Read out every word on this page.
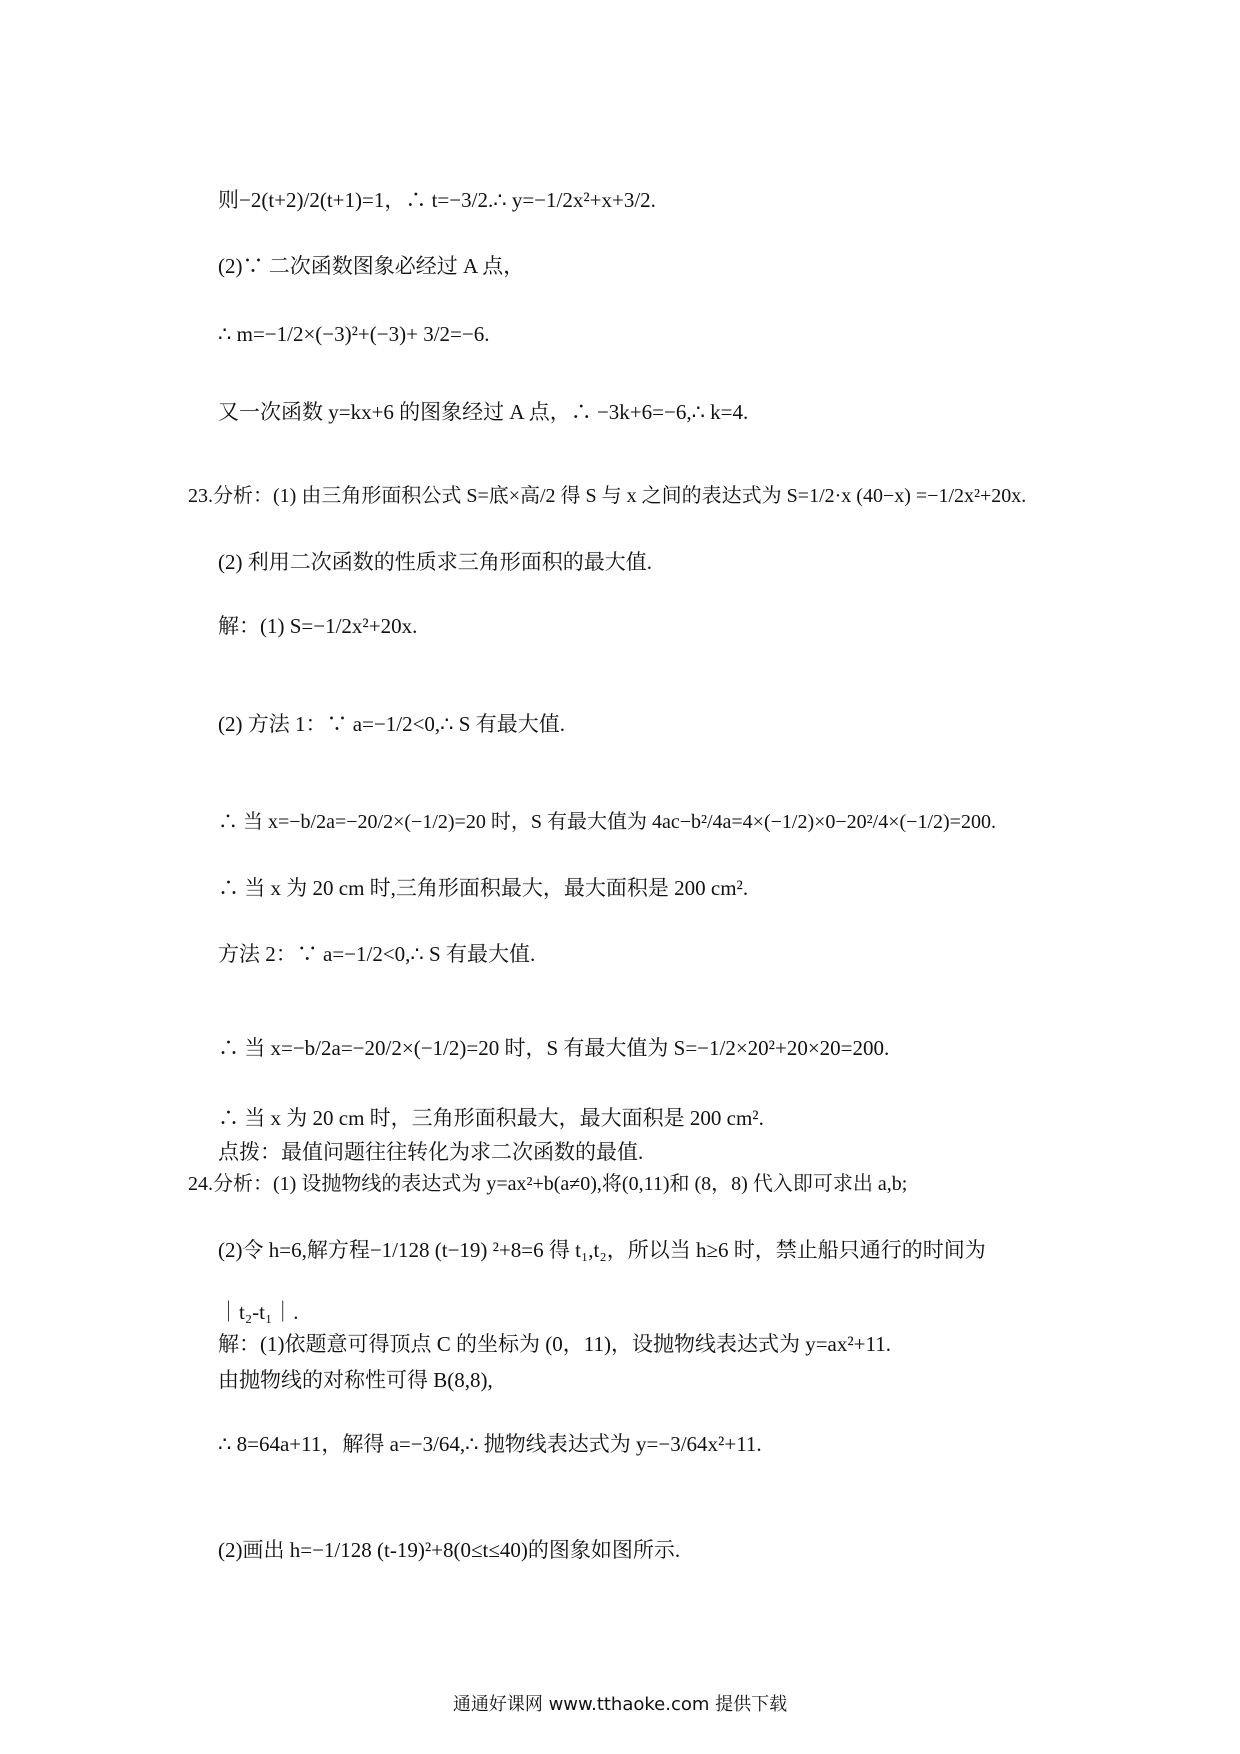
则−2(t+2)/2(t+1)=1，∴ t=−3/2.∴ y=−1/2x²+x+3/2.
(2)∵ 二次函数图象必经过 A 点，
∴ m=−1/2×(−3)²+(−3)+ 3/2=−6.
又一次函数 y=kx+6 的图象经过 A 点，∴ −3k+6=−6,∴ k=4.
23.分析：(1) 由三角形面积公式 S=底×高/2 得 S 与 x 之间的表达式为 S=1/2·x (40−x) =−1/2x²+20x.
(2) 利用二次函数的性质求三角形面积的最大值.
解：(1) S=−1/2x²+20x.
(2) 方法 1：∵ a=−1/2<0,∴ S 有最大值.
∴ 当 x=−b/2a=−20/2×(−1/2)=20 时，S 有最大值为 4ac−b²/4a=4×(−1/2)×0−20²/4×(−1/2)=200.
∴ 当 x 为 20 cm 时,三角形面积最大，最大面积是 200 cm².
方法 2：∵ a=−1/2<0,∴ S 有最大值.
∴ 当 x=−b/2a=−20/2×(−1/2)=20 时，S 有最大值为 S=−1/2×20²+20×20=200.
∴ 当 x 为 20 cm 时，三角形面积最大，最大面积是 200 cm².
点拨：最值问题往往转化为求二次函数的最值.
24.分析：(1) 设抛物线的表达式为 y=ax²+b(a≠0),将(0,11)和 (8，8) 代入即可求出 a,b;
(2)令 h=6,解方程−1/128 (t−19) ²+8=6 得 t₁,t₂，所以当 h≥6 时，禁止船只通行的时间为
｜t₂-t₁｜.
解：(1)依题意可得顶点 C 的坐标为 (0，11)，设抛物线表达式为 y=ax²+11.
由抛物线的对称性可得 B(8,8),
∴ 8=64a+11，解得 a=−3/64,∴ 抛物线表达式为 y=−3/64x²+11.
(2)画出 h=−1/128 (t-19)²+8(0≤t≤40)的图象如图所示.
通通好课网 www.tthaoke.com 提供下载
